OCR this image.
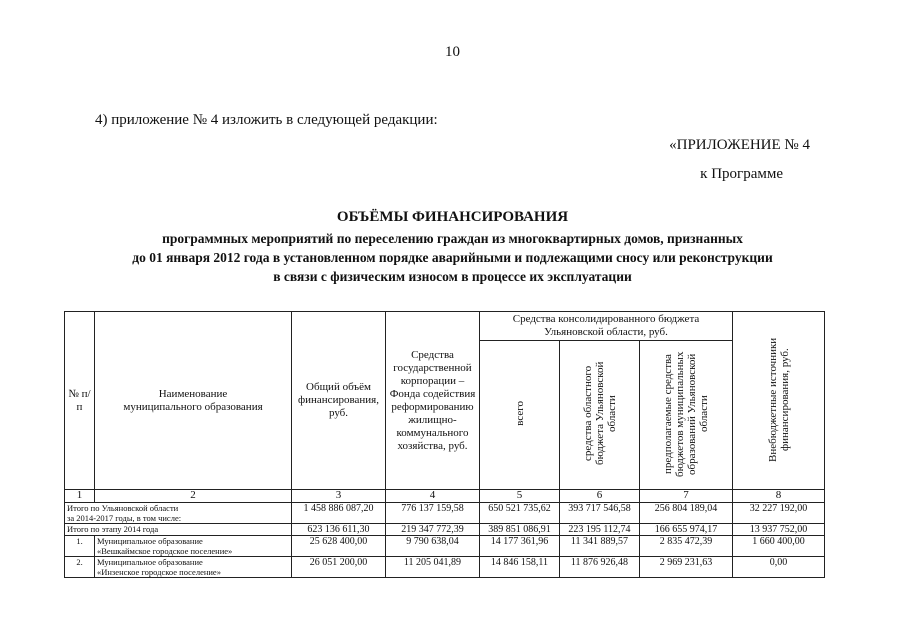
10
4) приложение № 4 изложить в следующей редакции:
«ПРИЛОЖЕНИЕ № 4
к Программе
ОБЪЁМЫ ФИНАНСИРОВАНИЯ
программных мероприятий по переселению граждан из многоквартирных домов, признанных
до 01 января 2012 года в установленном порядке аварийными и подлежащими сносу или реконструкции
в связи с физическим износом в процессе их эксплуатации
№ п/п	Наименование муниципального образования	Общий объём финансирования, руб.	Средства государственной корпорации – Фонда содействия реформированию жилищно-коммунального хозяйства, руб.	Средства консолидированного бюджета Ульяновской области, руб.			Внебюджетные источники финансирования, руб.
				всего	средства областного бюджета Ульяновской области	предполагаемые средства бюджетов муниципальных образований Ульяновской области	
1	2	3	4	5	6	7	8

Итого по Ульяновской области
за 2014-2017 годы, в том числе:		1 458 886 087,20	776 137 159,58	650 521 735,62	393 717 546,58	256 804 189,04	32 227 192,00
Итого по этапу 2014 года		623 136 611,30	219 347 772,39	389 851 086,91	223 195 112,74	166 655 974,17	13 937 752,00
1.	Муниципальное образование
«Вешкаймское городское поселение»	25 628 400,00	9 790 638,04	14 177 361,96	11 341 889,57	2 835 472,39	1 660 400,00
2.	Муниципальное образование
«Инзенское городское поселение»	26 051 200,00	11 205 041,89	14 846 158,11	11 876 926,48	2 969 231,63	0,00
